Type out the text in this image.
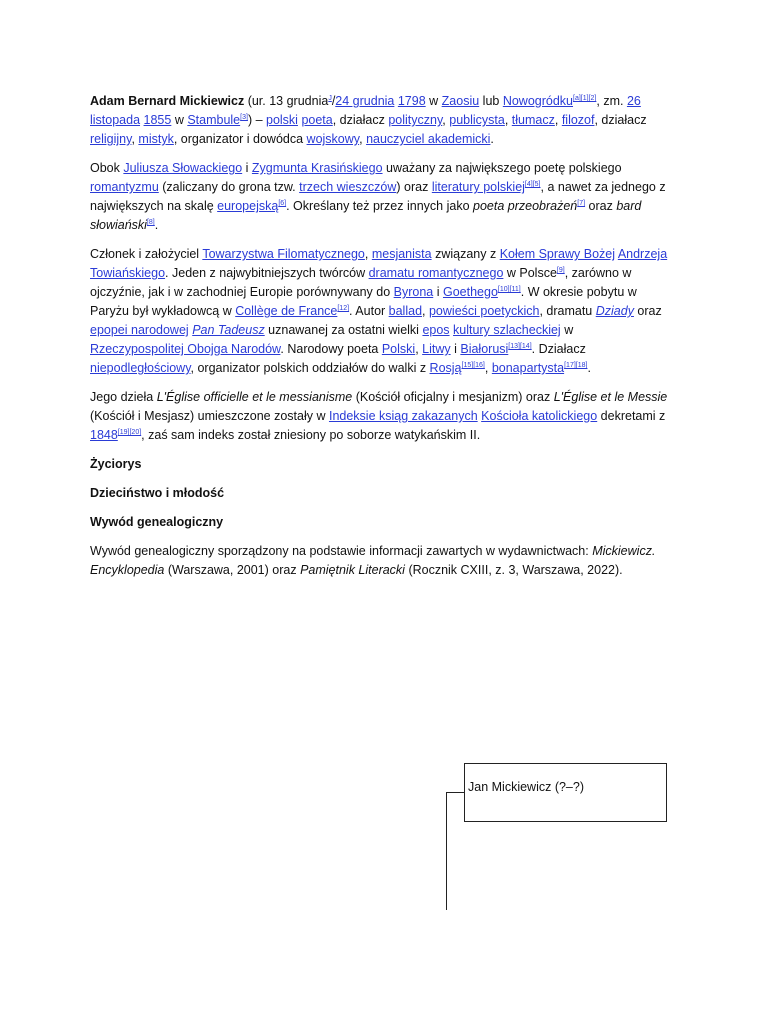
Adam Bernard Mickiewicz (ur. 13 grudnia$^J$/24 grudnia 1798 w Zaosiu lub Nowogródku[a][1][2], zm. 26 listopada 1855 w Stambule[3]) – polski poeta, działacz polityczny, publicysta, tłumacz, filozof, działacz religijny, mistyk, organizator i dowódca wojskowy, nauczyciel akademicki.

Obok Juliusza Słowackiego i Zygmunta Krasińskiego uważany za największego poetę polskiego romantyzmu (zaliczany do grona tzw. trzech wieszczów) oraz literatury polskiej[4][5], a nawet za jednego z największych na skalę europejską[6]. Określany też przez innych jako poeta przeobrażeń[7] oraz bard słowiański[8].

Członek i założyciel Towarzystwa Filomatycznego, mesjanista związany z Kołem Sprawy Bożej Andrzeja Towiańskiego. Jeden z najwybitniejszych twórców dramatu romantycznego w Polsce[9], zarówno w ojczyźnie, jak i w zachodniej Europie porównywany do Byrona i Goethego[10][11]. W okresie pobytu w Paryżu był wykładowcą w Collège de France[12]. Autor ballad, powieści poetyckich, dramatu Dziady oraz epopei narodowej Pan Tadeusz uznawanej za ostatni wielki epos kultury szlacheckiej w Rzeczypospolitej Obojga Narodów. Narodowy poeta Polski, Litwy i Białorusi[13][14]. Działacz niepodległościowy, organizator polskich oddziałów do walki z Rosją[15][16], bonapartysta[17][18].

Jego dzieła L'Église officielle et le messianisme (Kościół oficjalny i mesjanizm) oraz L'Église et le Messie (Kościół i Mesjasz) umieszczone zostały w Indeksie ksiąg zakazanych Kościoła katolickiego dekretami z 1848[19][20], zaś sam indeks został zniesiony po soborze watykańskim II.

Życiorys
Dzieciństwo i młodość
Wywód genealogiczny

Wywód genealogiczny sporządzony na podstawie informacji zawartych w wydawnictwach: Mickiewicz. Encyklopedia (Warszawa, 2001) oraz Pamiętnik Literacki (Rocznik CXIII, z. 3, Warszawa, 2022).

Jan Mickiewicz (?–?)
